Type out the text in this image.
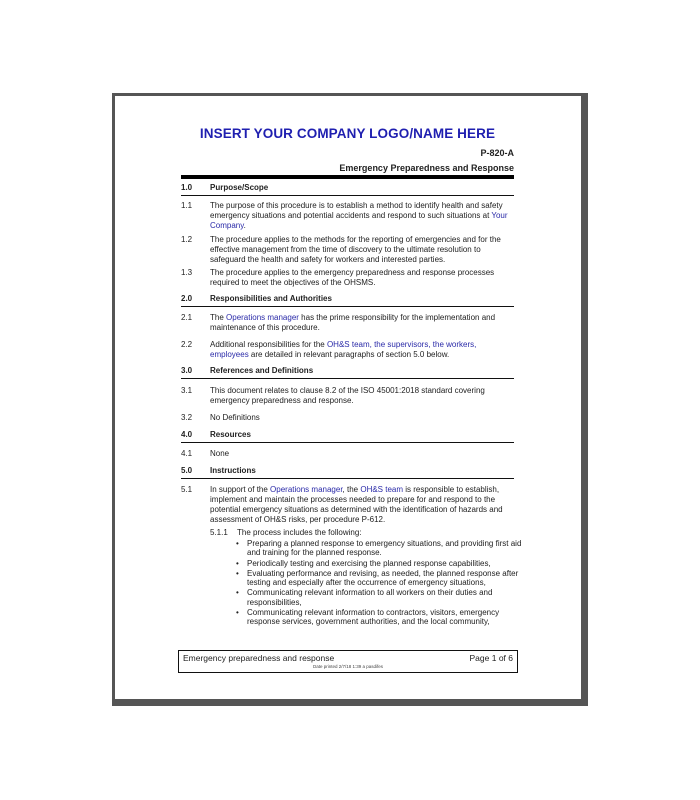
INSERT YOUR COMPANY LOGO/NAME HERE
P-820-A
Emergency Preparedness and Response
1.0	Purpose/Scope
1.1	The purpose of this procedure is to establish a method to identify health and safety emergency situations and potential accidents and respond to such situations at Your Company.
1.2	The procedure applies to the methods for the reporting of emergencies and for the effective management from the time of discovery to the ultimate resolution to safeguard the health and safety for workers and interested parties.
1.3	The procedure applies to the emergency preparedness and response processes required to meet the objectives of the OHSMS.
2.0	Responsibilities and Authorities
2.1	The Operations manager has the prime responsibility for the implementation and maintenance of this procedure.
2.2	Additional responsibilities for the OH&S team, the supervisors, the workers, employees are detailed in relevant paragraphs of section 5.0 below.
3.0	References and Definitions
3.1	This document relates to clause 8.2 of the ISO 45001:2018 standard covering emergency preparedness and response.
3.2	No Definitions
4.0	Resources
4.1	None
5.0	Instructions
5.1	In support of the Operations manager, the OH&S team is responsible to establish, implement and maintain the processes needed to prepare for and respond to the potential emergency situations as determined with the identification of hazards and assessment of OH&S risks, per procedure P-612.
5.1.1	The process includes the following:
• Preparing a planned response to emergency situations, and providing first aid and training for the planned response.
• Periodically testing and exercising the planned response capabilities,
• Evaluating performance and revising, as needed, the planned response after testing and especially after the occurrence of emergency situations,
• Communicating relevant information to all workers on their duties and responsibilities,
• Communicating relevant information to contractors, visitors, emergency response services, government authorities, and the local community,
Emergency preparedness and response	Page 1 of 6
Date printed 2/7/18 1:39 a pasdifes
